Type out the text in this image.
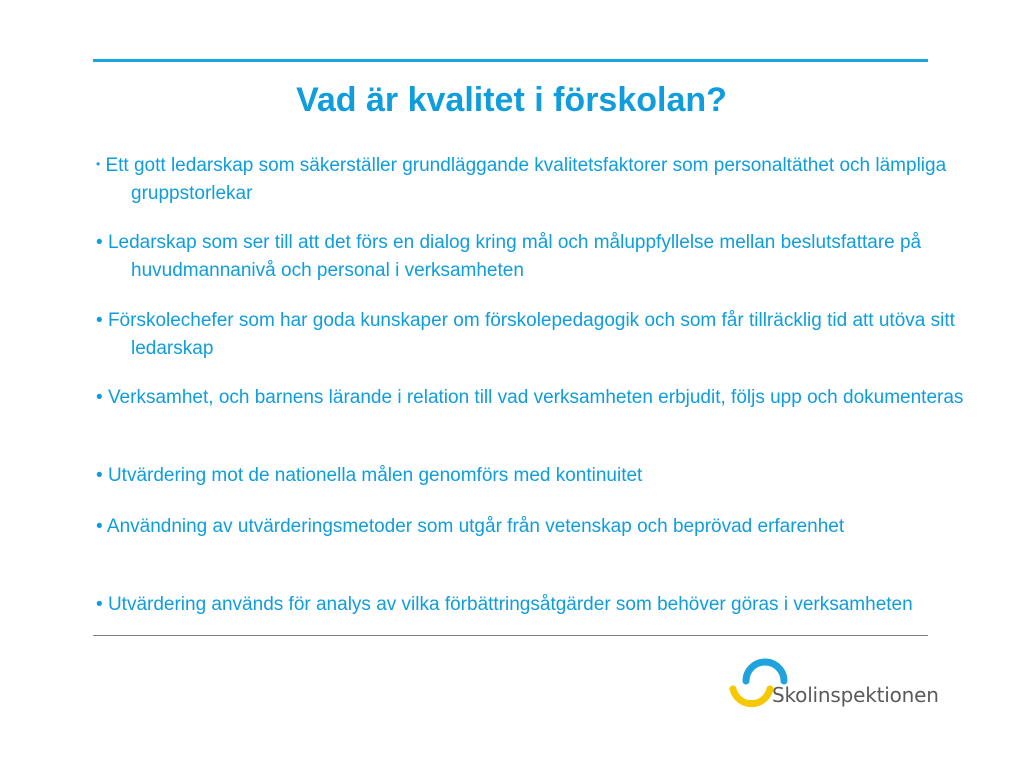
Vad är kvalitet i förskolan?
• Ett gott ledarskap som säkerställer grundläggande kvalitetsfaktorer som personaltäthet och lämpliga gruppstorlekar
• Ledarskap som ser till att det förs en dialog kring mål och måluppfyllelse mellan beslutsfattare på huvudmannanivå och personal i verksamheten
• Förskolechefer som har goda kunskaper om förskolepedagogik och som får tillräcklig tid att utöva sitt ledarskap
• Verksamhet, och barnens lärande i relation till vad verksamheten erbjudit, följs upp och dokumenteras
• Utvärdering mot de nationella målen genomförs med kontinuitet
• Användning av utvärderingsmetoder som utgår från vetenskap och beprövad erfarenhet
• Utvärdering används för analys av vilka förbättringsåtgärder som behöver göras i verksamheten
Skolinspektionen
